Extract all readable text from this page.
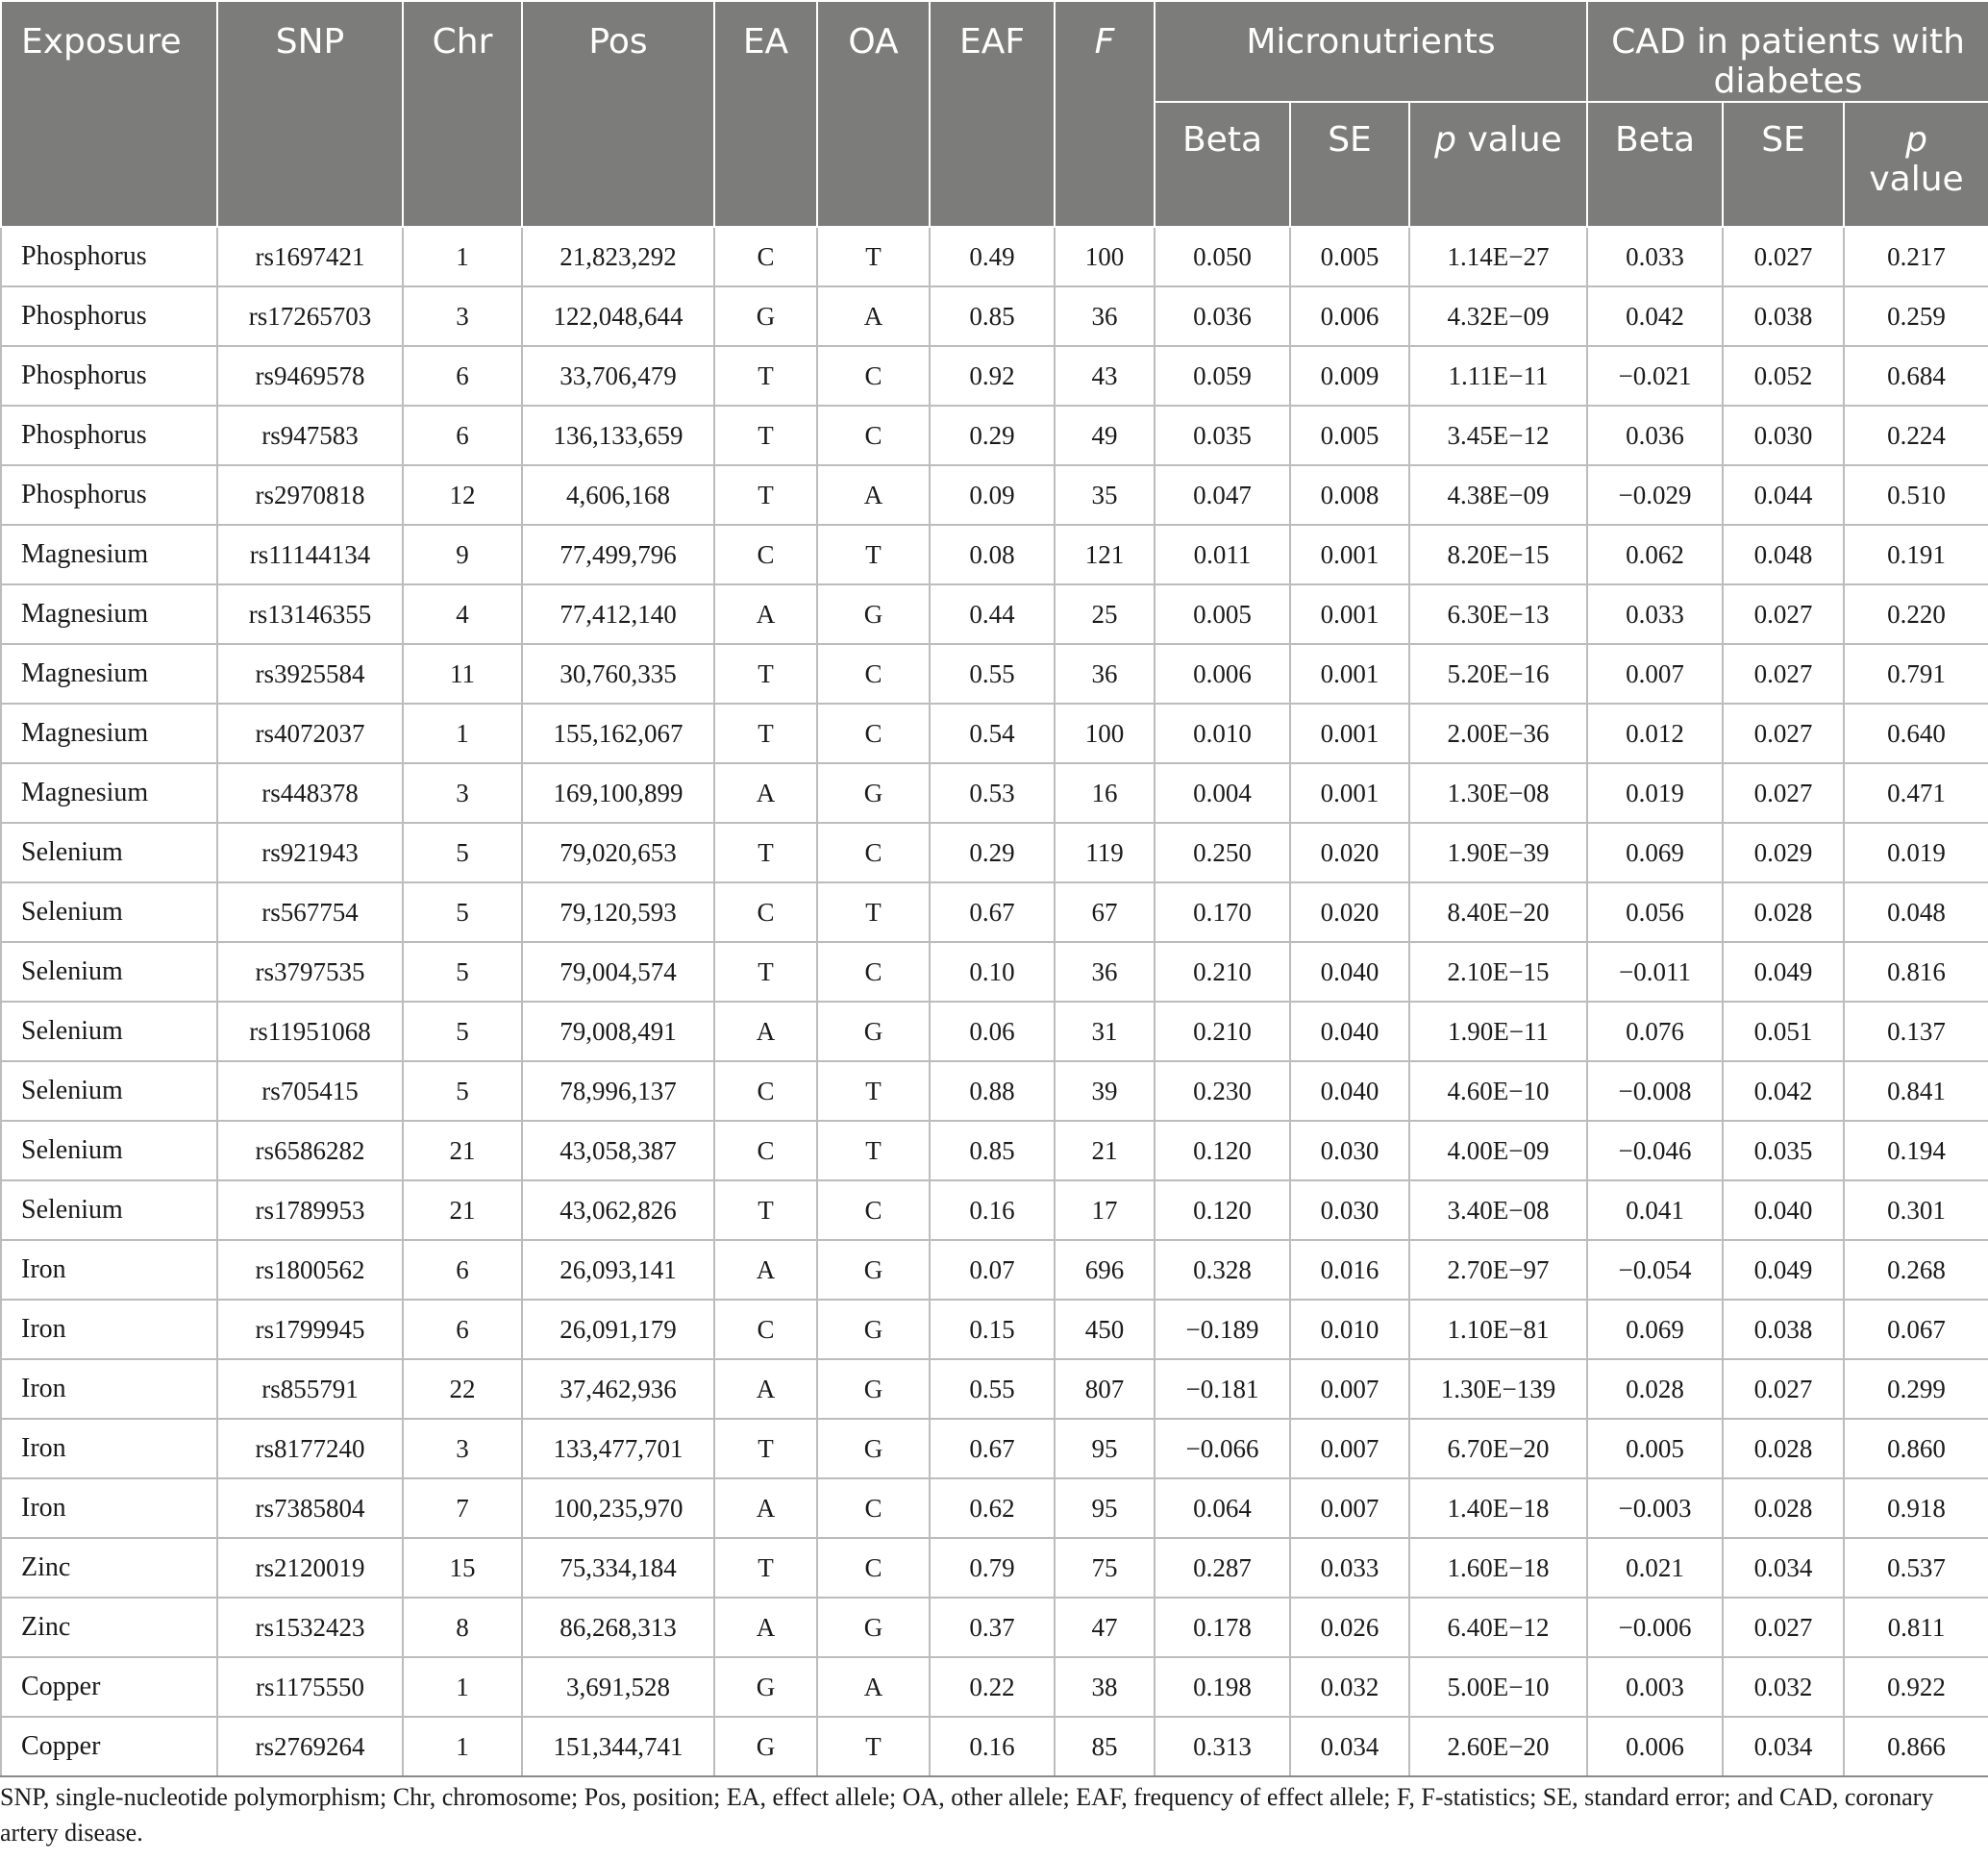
Exposure	SNP	Chr	Pos	EA	OA	EAF	F	Micronutrients			CAD in patients with diabetes		
								Beta	SE	p value	Beta	SE	p
value
Phosphorus	rs1697421	1	21,823,292	C	T	0.49	100	0.050	0.005	1.14E−27	0.033	0.027	0.217
Phosphorus	rs17265703	3	122,048,644	G	A	0.85	36	0.036	0.006	4.32E−09	0.042	0.038	0.259
Phosphorus	rs9469578	6	33,706,479	T	C	0.92	43	0.059	0.009	1.11E−11	−0.021	0.052	0.684
Phosphorus	rs947583	6	136,133,659	T	C	0.29	49	0.035	0.005	3.45E−12	0.036	0.030	0.224
Phosphorus	rs2970818	12	4,606,168	T	A	0.09	35	0.047	0.008	4.38E−09	−0.029	0.044	0.510
Magnesium	rs11144134	9	77,499,796	C	T	0.08	121	0.011	0.001	8.20E−15	0.062	0.048	0.191
Magnesium	rs13146355	4	77,412,140	A	G	0.44	25	0.005	0.001	6.30E−13	0.033	0.027	0.220
Magnesium	rs3925584	11	30,760,335	T	C	0.55	36	0.006	0.001	5.20E−16	0.007	0.027	0.791
Magnesium	rs4072037	1	155,162,067	T	C	0.54	100	0.010	0.001	2.00E−36	0.012	0.027	0.640
Magnesium	rs448378	3	169,100,899	A	G	0.53	16	0.004	0.001	1.30E−08	0.019	0.027	0.471
Selenium	rs921943	5	79,020,653	T	C	0.29	119	0.250	0.020	1.90E−39	0.069	0.029	0.019
Selenium	rs567754	5	79,120,593	C	T	0.67	67	0.170	0.020	8.40E−20	0.056	0.028	0.048
Selenium	rs3797535	5	79,004,574	T	C	0.10	36	0.210	0.040	2.10E−15	−0.011	0.049	0.816
Selenium	rs11951068	5	79,008,491	A	G	0.06	31	0.210	0.040	1.90E−11	0.076	0.051	0.137
Selenium	rs705415	5	78,996,137	C	T	0.88	39	0.230	0.040	4.60E−10	−0.008	0.042	0.841
Selenium	rs6586282	21	43,058,387	C	T	0.85	21	0.120	0.030	4.00E−09	−0.046	0.035	0.194
Selenium	rs1789953	21	43,062,826	T	C	0.16	17	0.120	0.030	3.40E−08	0.041	0.040	0.301
Iron	rs1800562	6	26,093,141	A	G	0.07	696	0.328	0.016	2.70E−97	−0.054	0.049	0.268
Iron	rs1799945	6	26,091,179	C	G	0.15	450	−0.189	0.010	1.10E−81	0.069	0.038	0.067
Iron	rs855791	22	37,462,936	A	G	0.55	807	−0.181	0.007	1.30E−139	0.028	0.027	0.299
Iron	rs8177240	3	133,477,701	T	G	0.67	95	−0.066	0.007	6.70E−20	0.005	0.028	0.860
Iron	rs7385804	7	100,235,970	A	C	0.62	95	0.064	0.007	1.40E−18	−0.003	0.028	0.918
Zinc	rs2120019	15	75,334,184	T	C	0.79	75	0.287	0.033	1.60E−18	0.021	0.034	0.537
Zinc	rs1532423	8	86,268,313	A	G	0.37	47	0.178	0.026	6.40E−12	−0.006	0.027	0.811
Copper	rs1175550	1	3,691,528	G	A	0.22	38	0.198	0.032	5.00E−10	0.003	0.032	0.922
Copper	rs2769264	1	151,344,741	G	T	0.16	85	0.313	0.034	2.60E−20	0.006	0.034	0.866
SNP, single-nucleotide polymorphism; Chr, chromosome; Pos, position; EA, effect allele; OA, other allele; EAF, frequency of effect allele; F, F-statistics; SE, standard error; and CAD, coronary artery disease.
